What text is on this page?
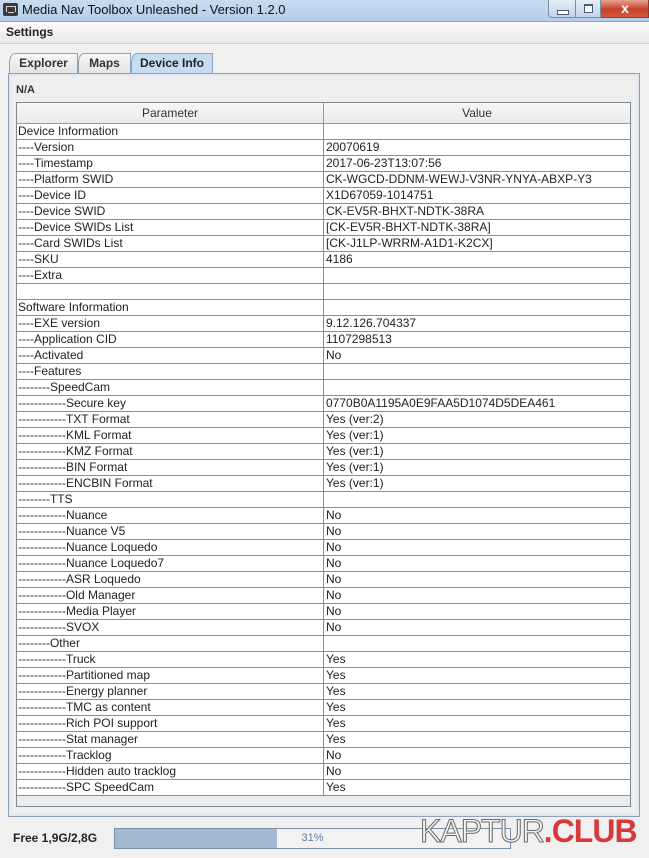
Media Nav Toolbox Unleashed - Version 1.2.0	x
Settings
Explorer	Maps	Device Info
N/A
Parameter	Value
Device Information
----Version	20070619
----Timestamp	2017-06-23T13:07:56
----Platform SWID	CK-WGCD-DDNM-WEWJ-V3NR-YNYA-ABXP-Y3
----Device ID	X1D67059-1014751
----Device SWID	CK-EV5R-BHXT-NDTK-38RA
----Device SWIDs List	[CK-EV5R-BHXT-NDTK-38RA]
----Card SWIDs List	[CK-J1LP-WRRM-A1D1-K2CX]
----SKU	4186
----Extra
Software Information
----EXE version	9.12.126.704337
----Application CID	1107298513
----Activated	No
----Features
--------SpeedCam
------------Secure key	0770B0A1195A0E9FAA5D1074D5DEA461
------------TXT Format	Yes (ver:2)
------------KML Format	Yes (ver:1)
------------KMZ Format	Yes (ver:1)
------------BIN Format	Yes (ver:1)
------------ENCBIN Format	Yes (ver:1)
--------TTS
------------Nuance	No
------------Nuance V5	No
------------Nuance Loquedo	No
------------Nuance Loquedo7	No
------------ASR Loquedo	No
------------Old Manager	No
------------Media Player	No
------------SVOX	No
--------Other
------------Truck	Yes
------------Partitioned map	Yes
------------Energy planner	Yes
------------TMC as content	Yes
------------Rich POI support	Yes
------------Stat manager	Yes
------------Tracklog	No
------------Hidden auto tracklog	No
------------SPC SpeedCam	Yes
Free 1,9G/2,8G	31%	KAPTUR.CLUB
